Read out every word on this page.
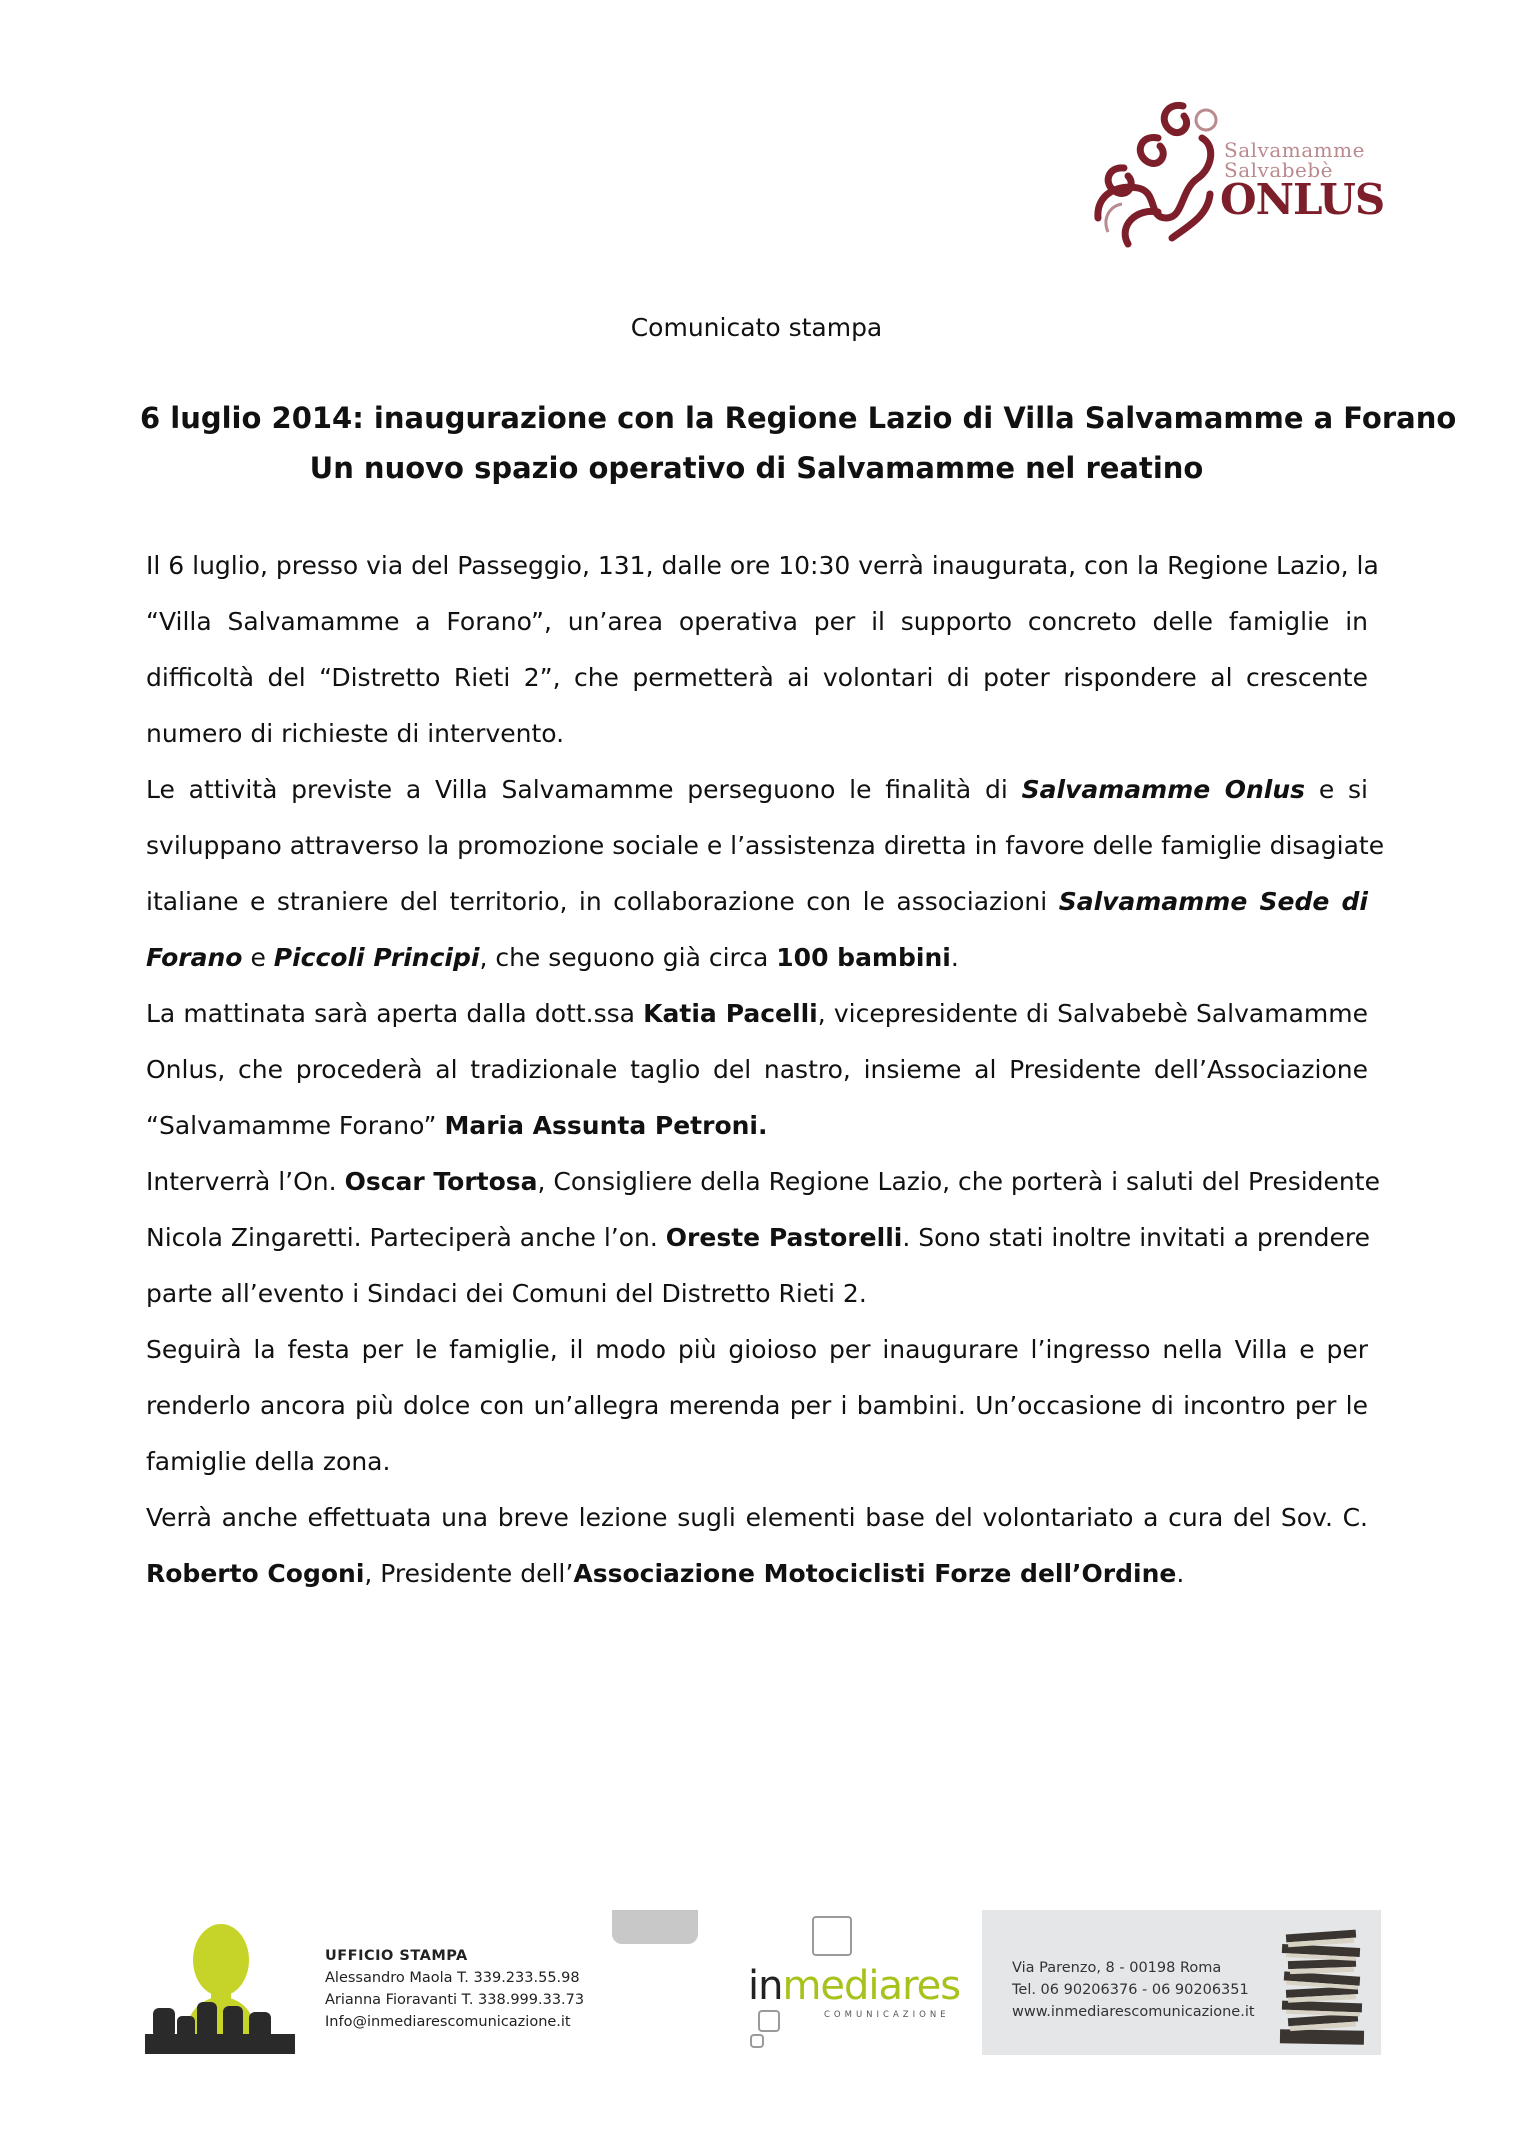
Salvamamme
Salvabebè
ONLUS
Comunicato stampa
6 luglio 2014: inaugurazione con la Regione Lazio di Villa Salvamamme a Forano
Un nuovo spazio operativo di Salvamamme nel reatino

Il 6 luglio, presso via del Passeggio, 131, dalle ore 10:30 verrà inaugurata, con la Regione Lazio, la
“Villa Salvamamme a Forano”, un’area operativa per il supporto concreto delle famiglie in
difficoltà del “Distretto Rieti 2”, che permetterà ai volontari di poter rispondere al crescente
numero di richieste di intervento.

Le attività previste a Villa Salvamamme perseguono le finalità di Salvamamme Onlus e si
sviluppano attraverso la promozione sociale e l’assistenza diretta in favore delle famiglie disagiate
italiane e straniere del territorio, in collaborazione con le associazioni Salvamamme Sede di
Forano e Piccoli Principi, che seguono già circa 100 bambini.

La mattinata sarà aperta dalla dott.ssa Katia Pacelli, vicepresidente di Salvabebè Salvamamme
Onlus, che procederà al tradizionale taglio del nastro, insieme al Presidente dell’Associazione
“Salvamamme Forano” Maria Assunta Petroni.

Interverrà l’On. Oscar Tortosa, Consigliere della Regione Lazio, che porterà i saluti del Presidente
Nicola Zingaretti. Parteciperà anche l’on. Oreste Pastorelli. Sono stati inoltre invitati a prendere
parte all’evento i Sindaci dei Comuni del Distretto Rieti 2.

Seguirà la festa per le famiglie, il modo più gioioso per inaugurare l’ingresso nella Villa e per
renderlo ancora più dolce con un’allegra merenda per i bambini. Un’occasione di incontro per le
famiglie della zona.

Verrà anche effettuata una breve lezione sugli elementi base del volontariato a cura del Sov. C.
Roberto Cogoni, Presidente dell’Associazione Motociclisti Forze dell’Ordine.

UFFICIO STAMPA
Alessandro Maola T. 339.233.55.98
Arianna Fioravanti T. 338.999.33.73
Info@inmediarescomunicazione.it
inmediares
COMUNICAZIONE
Via Parenzo, 8 - 00198 Roma
Tel. 06 90206376 - 06 90206351
www.inmediarescomunicazione.it
